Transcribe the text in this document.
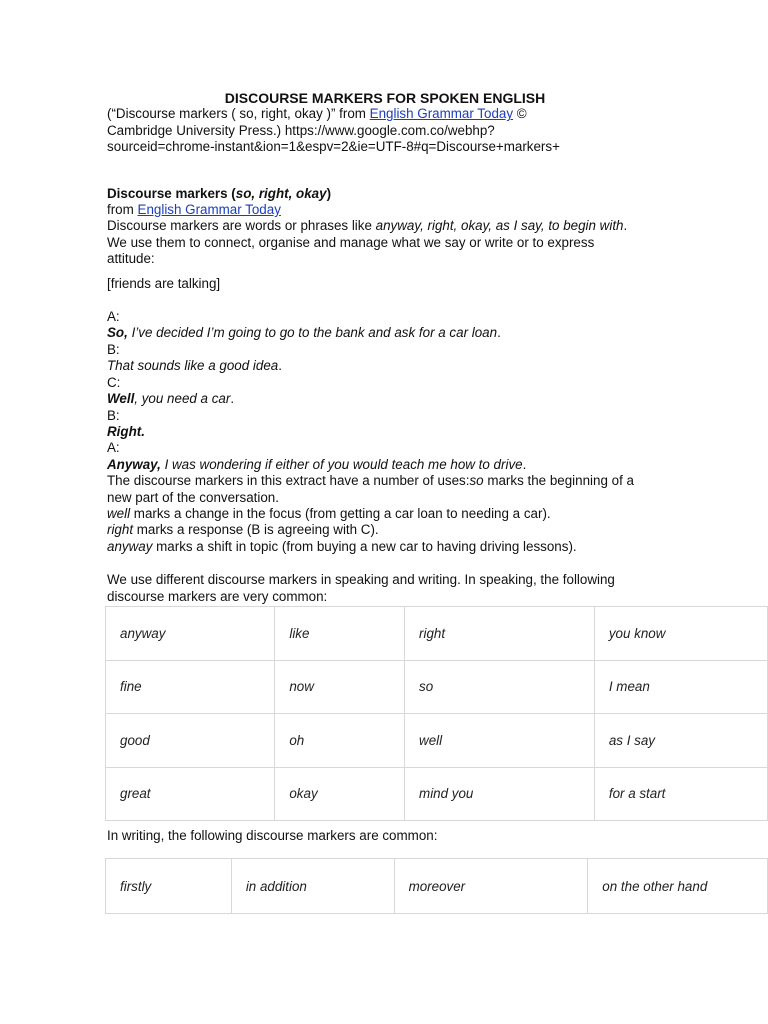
DISCOURSE MARKERS FOR SPOKEN ENGLISH

(“Discourse markers ( so, right, okay )” from English Grammar Today ©

Cambridge University Press.) https://www.google.com.co/webhp?

sourceid=chrome-instant&ion=1&espv=2&ie=UTF-8#q=Discourse+markers+

Discourse markers (so, right, okay)

from English Grammar Today

Discourse markers are words or phrases like anyway, right, okay, as I say, to begin with.

We use them to connect, organise and manage what we say or write or to express

attitude:

[friends are talking]

A:

So, I’ve decided I’m going to go to the bank and ask for a car loan.

B:

That sounds like a good idea.

C:

Well, you need a car.

B:

Right.

A:

Anyway, I was wondering if either of you would teach me how to drive.

The discourse markers in this extract have a number of uses:so marks the beginning of a

new part of the conversation.

well marks a change in the focus (from getting a car loan to needing a car).

right marks a response (B is agreeing with C).

anyway marks a shift in topic (from buying a new car to having driving lessons).

We use different discourse markers in speaking and writing. In speaking, the following

discourse markers are very common:

anyway	like	right	you know
fine	now	so	I mean
good	oh	well	as I say
great	okay	mind you	for a start

In writing, the following discourse markers are common:

firstly	in addition	moreover	on the other hand
